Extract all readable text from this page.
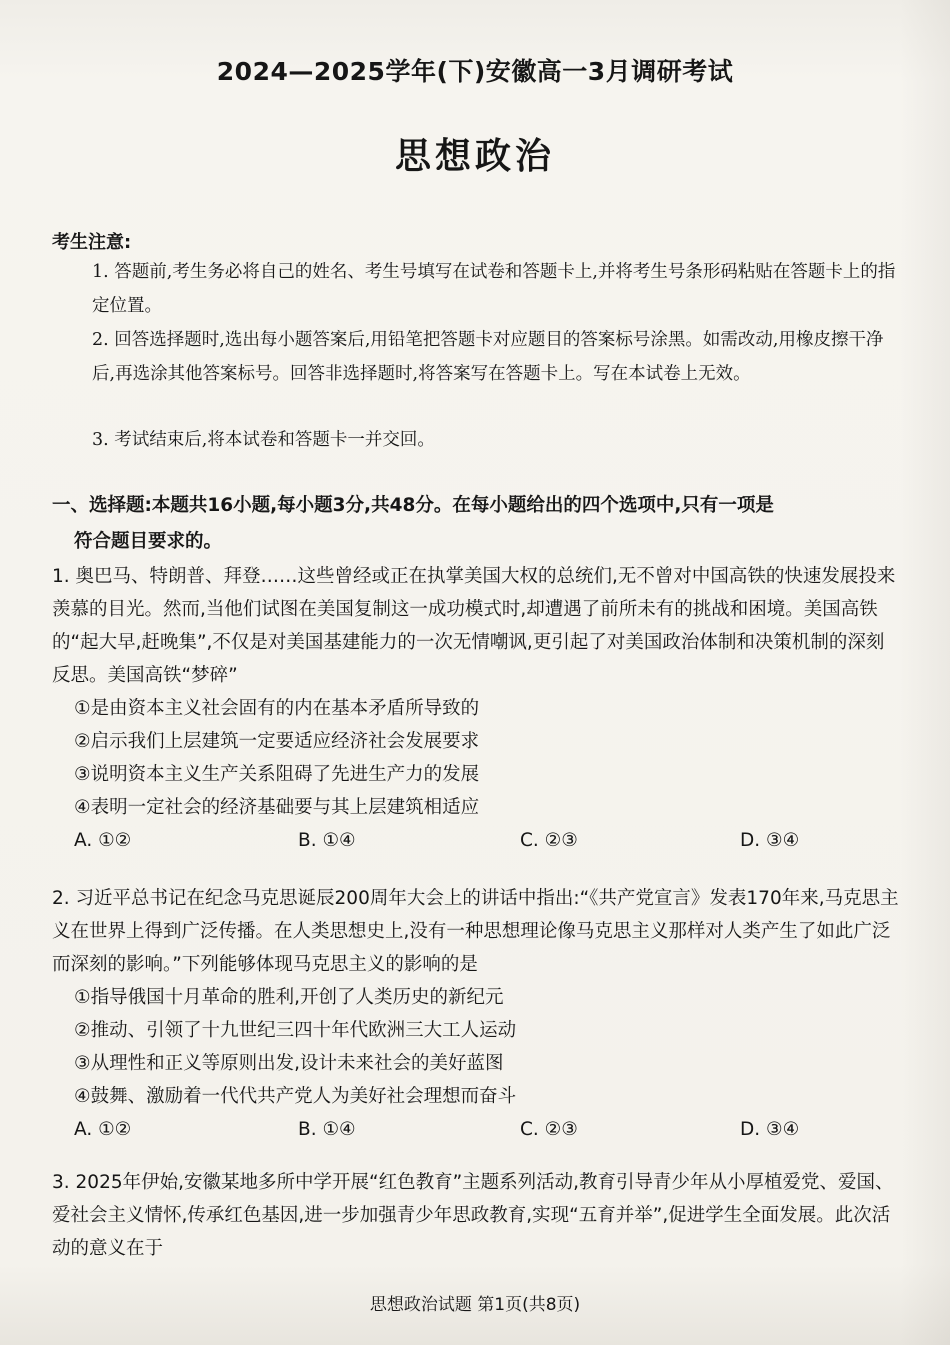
2024—2025学年(下)安徽高一3月调研考试
思想政治
考生注意:
1. 答题前,考生务必将自己的姓名、考生号填写在试卷和答题卡上,并将考生号条形码粘贴在答题卡上的指定位置。
2. 回答选择题时,选出每小题答案后,用铅笔把答题卡对应题目的答案标号涂黑。如需改动,用橡皮擦干净后,再选涂其他答案标号。回答非选择题时,将答案写在答题卡上。写在本试卷上无效。
3. 考试结束后,将本试卷和答题卡一并交回。
一、选择题:本题共16小题,每小题3分,共48分。在每小题给出的四个选项中,只有一项是
符合题目要求的。
1. 奥巴马、特朗普、拜登……这些曾经或正在执掌美国大权的总统们,无不曾对中国高铁的快速发展投来羡慕的目光。然而,当他们试图在美国复制这一成功模式时,却遭遇了前所未有的挑战和困境。美国高铁的“起大早,赶晚集”,不仅是对美国基建能力的一次无情嘲讽,更引起了对美国政治体制和决策机制的深刻反思。美国高铁“梦碎”
①是由资本主义社会固有的内在基本矛盾所导致的
②启示我们上层建筑一定要适应经济社会发展要求
③说明资本主义生产关系阻碍了先进生产力的发展
④表明一定社会的经济基础要与其上层建筑相适应
A. ①②	B. ①④	C. ②③	D. ③④
2. 习近平总书记在纪念马克思诞辰200周年大会上的讲话中指出:“《共产党宣言》发表170年来,马克思主义在世界上得到广泛传播。在人类思想史上,没有一种思想理论像马克思主义那样对人类产生了如此广泛而深刻的影响。”下列能够体现马克思主义的影响的是
①指导俄国十月革命的胜利,开创了人类历史的新纪元
②推动、引领了十九世纪三四十年代欧洲三大工人运动
③从理性和正义等原则出发,设计未来社会的美好蓝图
④鼓舞、激励着一代代共产党人为美好社会理想而奋斗
A. ①②	B. ①④	C. ②③	D. ③④
3. 2025年伊始,安徽某地多所中学开展“红色教育”主题系列活动,教育引导青少年从小厚植爱党、爱国、爱社会主义情怀,传承红色基因,进一步加强青少年思政教育,实现“五育并举”,促进学生全面发展。此次活动的意义在于
思想政治试题 第1页(共8页)
